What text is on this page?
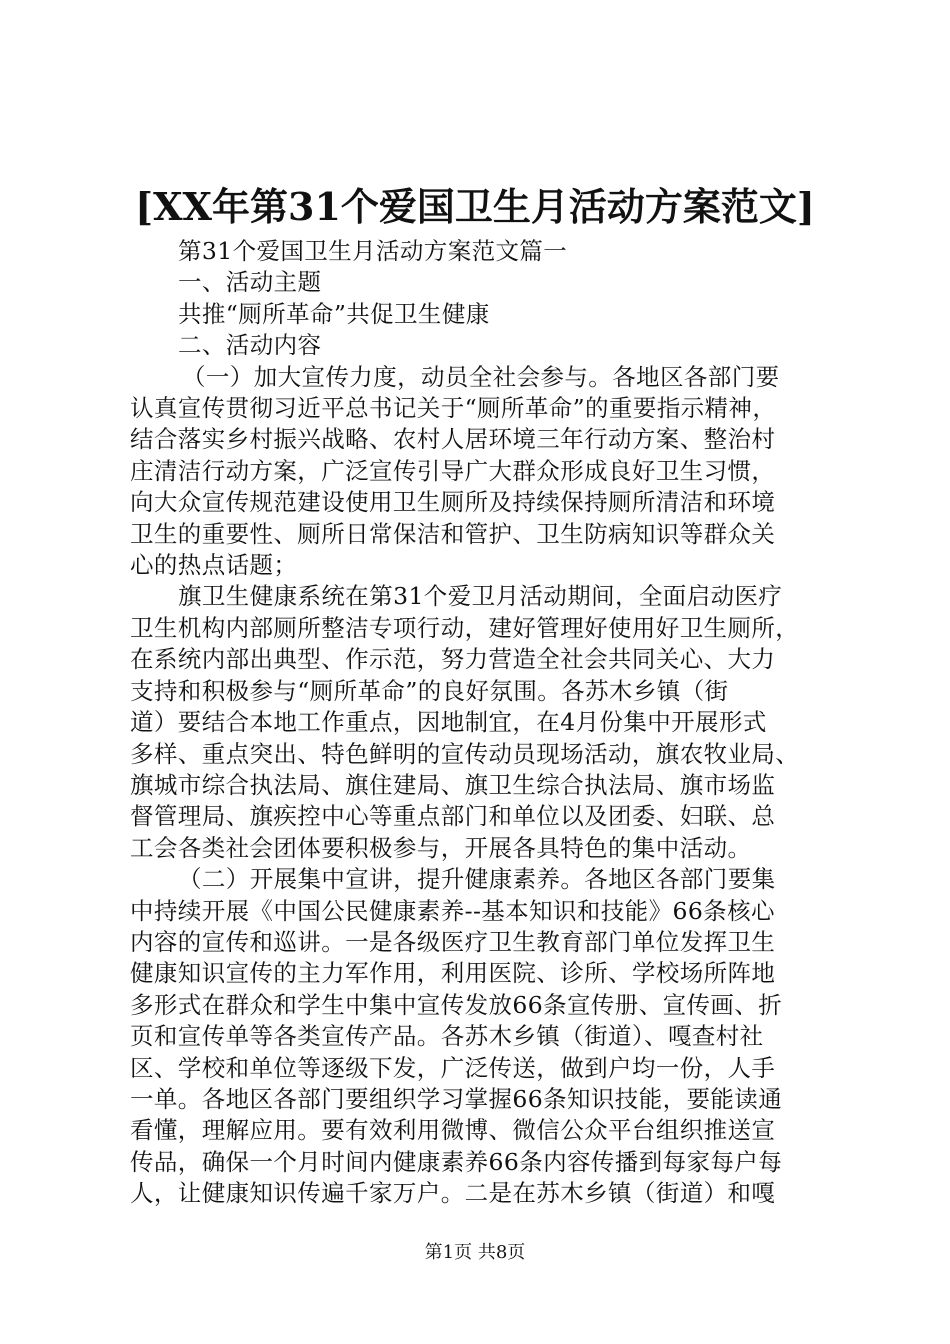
[XX年第31个爱国卫生月活动方案范文]
第31个爱国卫生月活动方案范文篇一
一、活动主题
共推“厕所革命”共促卫生健康
二、活动内容
（一）加大宣传力度，动员全社会参与。各地区各部门要
认真宣传贯彻习近平总书记关于“厕所革命”的重要指示精神，
结合落实乡村振兴战略、农村人居环境三年行动方案、整治村
庄清洁行动方案，广泛宣传引导广大群众形成良好卫生习惯，
向大众宣传规范建设使用卫生厕所及持续保持厕所清洁和环境
卫生的重要性、厕所日常保洁和管护、卫生防病知识等群众关
心的热点话题；
旗卫生健康系统在第31个爱卫月活动期间，全面启动医疗
卫生机构内部厕所整洁专项行动，建好管理好使用好卫生厕所，
在系统内部出典型、作示范，努力营造全社会共同关心、大力
支持和积极参与“厕所革命”的良好氛围。各苏木乡镇（街
道）要结合本地工作重点，因地制宜，在4月份集中开展形式
多样、重点突出、特色鲜明的宣传动员现场活动，旗农牧业局、
旗城市综合执法局、旗住建局、旗卫生综合执法局、旗市场监
督管理局、旗疾控中心等重点部门和单位以及团委、妇联、总
工会各类社会团体要积极参与，开展各具特色的集中活动。
（二）开展集中宣讲，提升健康素养。各地区各部门要集
中持续开展《中国公民健康素养--基本知识和技能》66条核心
内容的宣传和巡讲。一是各级医疗卫生教育部门单位发挥卫生
健康知识宣传的主力军作用，利用医院、诊所、学校场所阵地
多形式在群众和学生中集中宣传发放66条宣传册、宣传画、折
页和宣传单等各类宣传产品。各苏木乡镇（街道）、嘎查村社
区、学校和单位等逐级下发，广泛传送，做到户均一份，人手
一单。各地区各部门要组织学习掌握66条知识技能，要能读通
看懂，理解应用。要有效利用微博、微信公众平台组织推送宣
传品，确保一个月时间内健康素养66条内容传播到每家每户每
人，让健康知识传遍千家万户。二是在苏木乡镇（街道）和嘎
第1页 共8页
